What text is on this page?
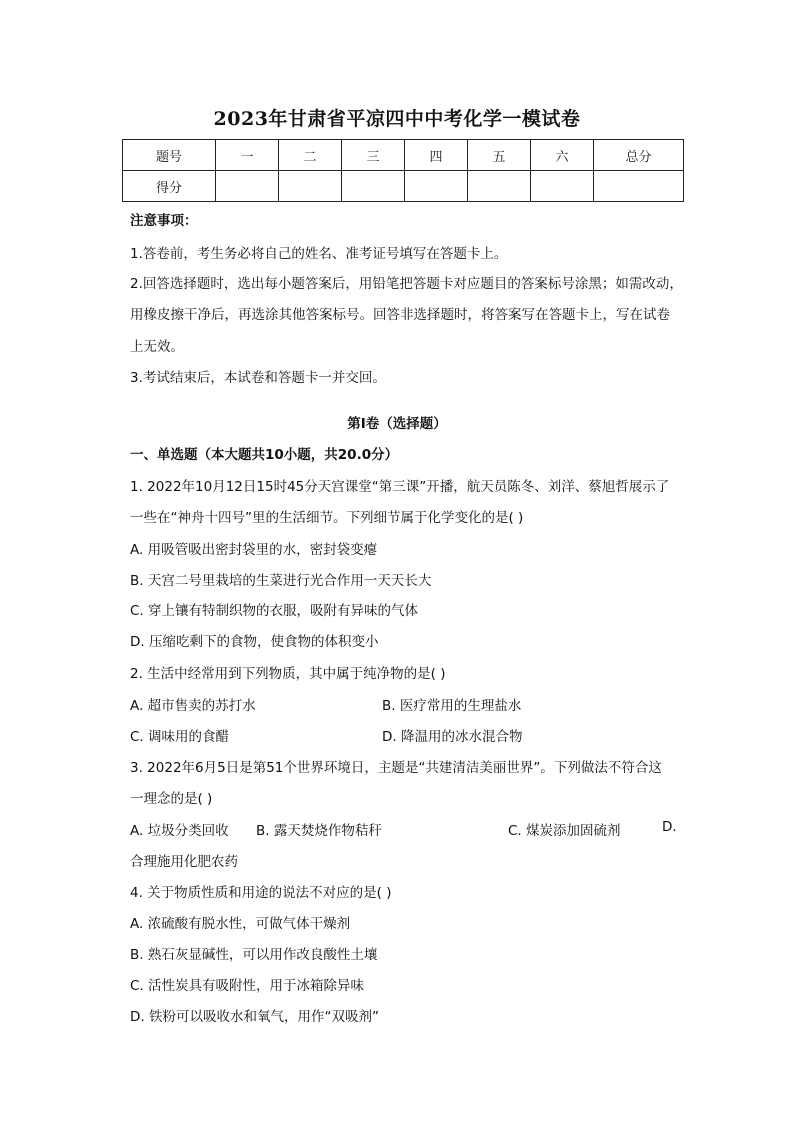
2023年甘肃省平凉四中中考化学一模试卷
题号	一	二	三	四	五	六	总分
得分							
注意事项：
1.答卷前，考生务必将自己的姓名、准考证号填写在答题卡上。
2.回答选择题时，选出每小题答案后，用铅笔把答题卡对应题目的答案标号涂黑；如需改动，
用橡皮擦干净后，再选涂其他答案标号。回答非选择题时，将答案写在答题卡上，写在试卷
上无效。
3.考试结束后，本试卷和答题卡一并交回。
第I卷（选择题）
一、单选题（本大题共10小题，共20.0分）
1. 2022年10月12日15时45分天宫课堂“第三课”开播，航天员陈冬、刘洋、蔡旭哲展示了
一些在“神舟十四号”里的生活细节。下列细节属于化学变化的是( )
A. 用吸管吸出密封袋里的水，密封袋变瘪
B. 天宫二号里栽培的生菜进行光合作用一天天长大
C. 穿上镶有特制织物的衣服，吸附有异味的气体
D. 压缩吃剩下的食物，使食物的体积变小
2. 生活中经常用到下列物质，其中属于纯净物的是( )
A. 超市售卖的苏打水	B. 医疗常用的生理盐水
C. 调味用的食醋	D. 降温用的冰水混合物
3. 2022年6月5日是第51个世界环境日，主题是“共建清洁美丽世界”。下列做法不符合这
一理念的是( )
A. 垃圾分类回收 B. 露天焚烧作物秸秆	C. 煤炭添加固硫剂	D.
合理施用化肥农药
4. 关于物质性质和用途的说法不对应的是( )
A. 浓硫酸有脱水性，可做气体干燥剂
B. 熟石灰显碱性，可以用作改良酸性土壤
C. 活性炭具有吸附性，用于冰箱除异味
D. 铁粉可以吸收水和氧气，用作“双吸剂”
